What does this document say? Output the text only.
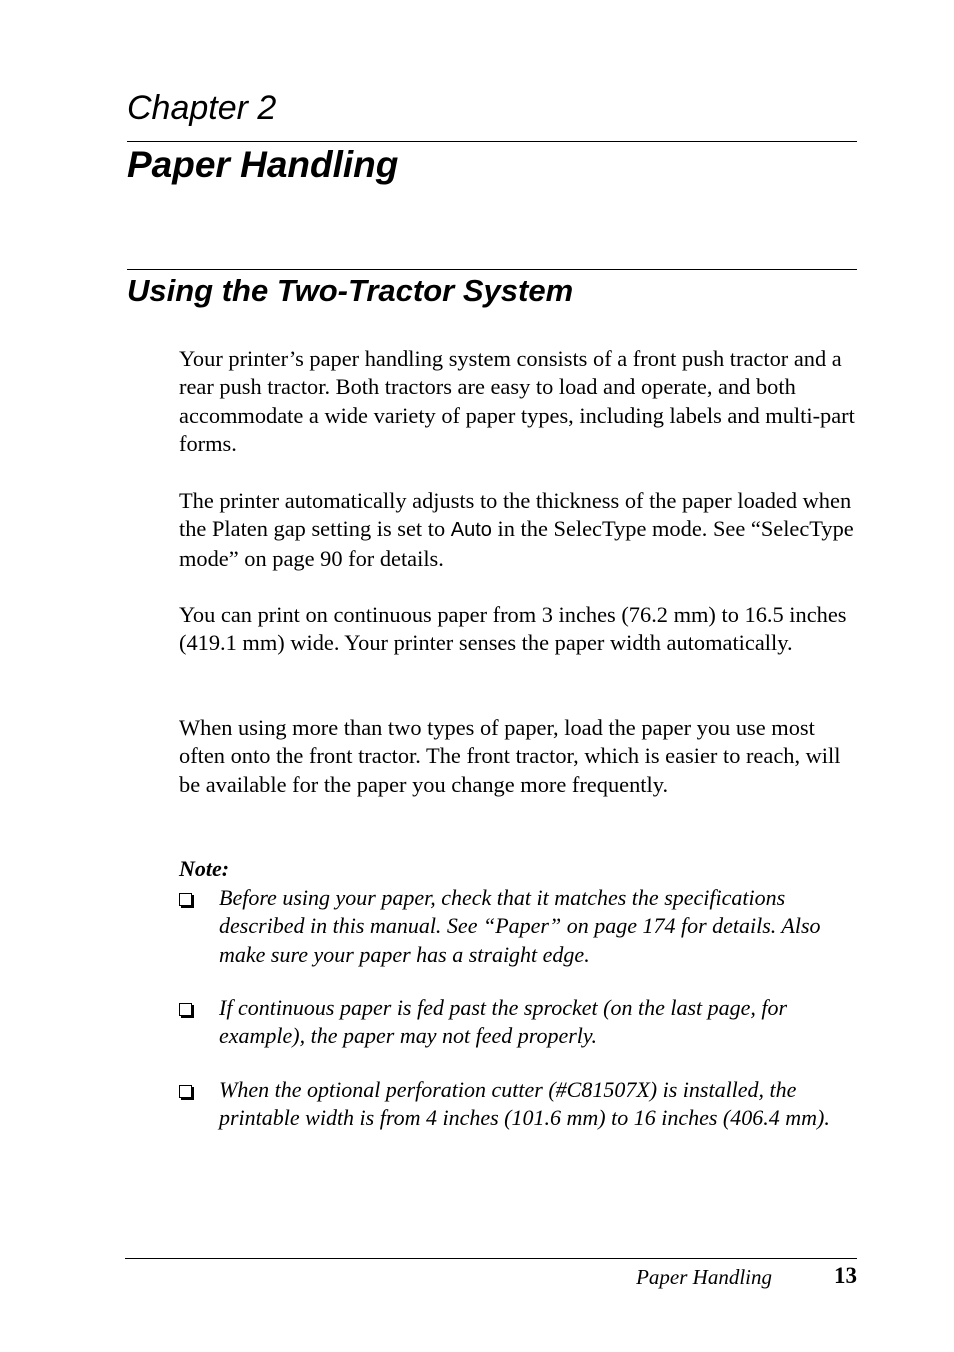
Chapter 2
Paper Handling
Using the Two-Tractor System

Your printer’s paper handling system consists of a front push tractor and a rear push tractor. Both tractors are easy to load and operate, and both accommodate a wide variety of paper types, including labels and multi-part forms.

The printer automatically adjusts to the thickness of the paper loaded when the Platen gap setting is set to Auto in the SelecType mode. See “SelecType mode” on page 90 for details.

You can print on continuous paper from 3 inches (76.2 mm) to 16.5 inches (419.1 mm) wide. Your printer senses the paper width automatically.

When using more than two types of paper, load the paper you use most often onto the front tractor. The front tractor, which is easier to reach, will be available for the paper you change more frequently.

Note:
Before using your paper, check that it matches the specifications described in this manual. See “Paper” on page 174 for details. Also make sure your paper has a straight edge.
If continuous paper is fed past the sprocket (on the last page, for example), the paper may not feed properly.
When the optional perforation cutter (#C81507X) is installed, the printable width is from 4 inches (101.6 mm) to 16 inches (406.4 mm).
Paper Handling	13
